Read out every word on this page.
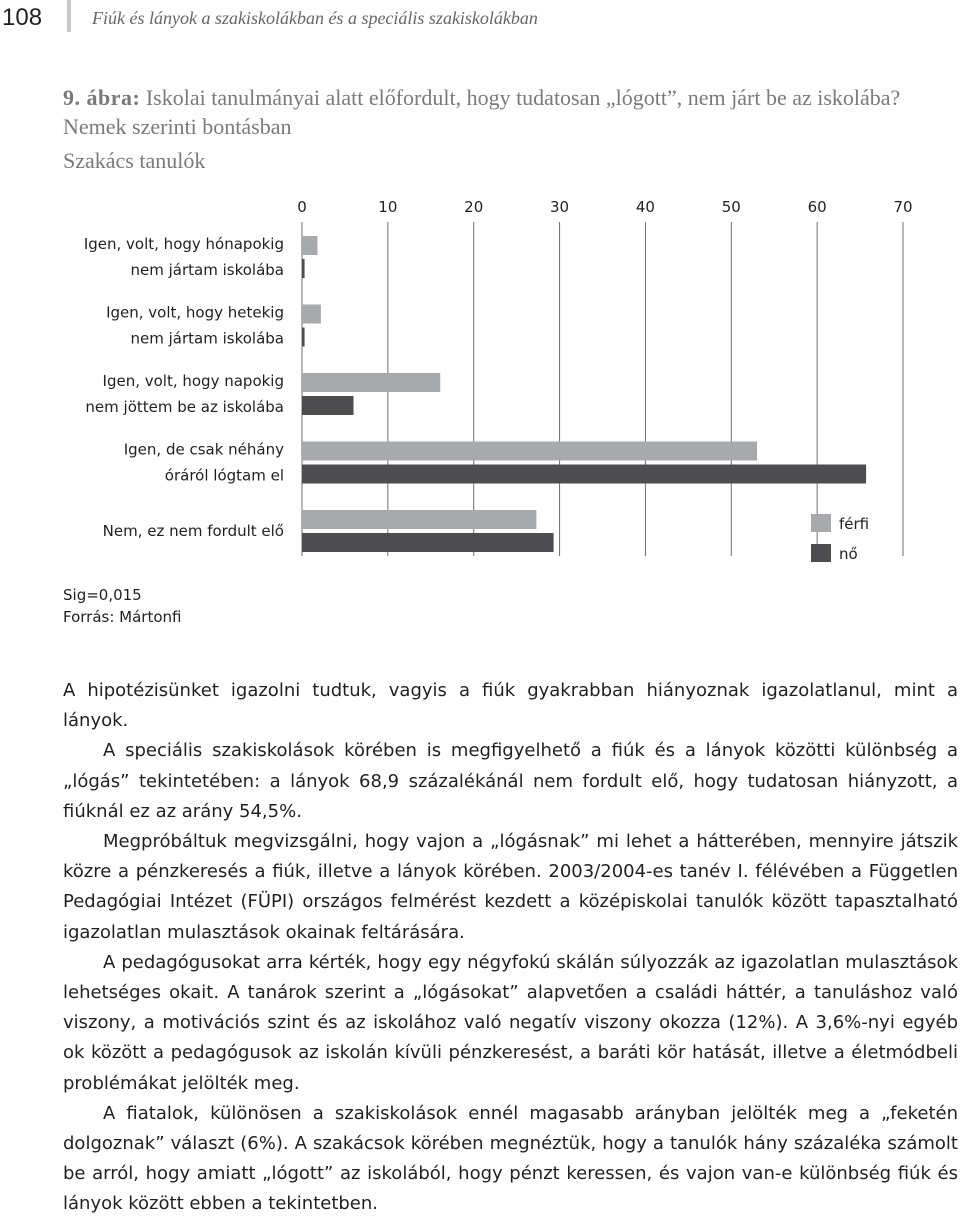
108	Fiúk és lányok a szakiskolákban és a speciális szakiskolákban
9. ábra: Iskolai tanulmányai alatt előfordult, hogy tudatosan „lógott”, nem járt be az iskolába? Nemek szerinti bontásban
Szakács tanulók
0	10	20	30	40	50	60	70
Igen, volt, hogy hónapokig
nem jártam iskolába
Igen, volt, hogy hetekig
nem jártam iskolába
Igen, volt, hogy napokig
nem jöttem be az iskolába
Igen, de csak néhány
óráról lógtam el
Nem, ez nem fordult elő	férfi
nő
Sig=0,015
Forrás: Mártonfi

A hipotézisünket igazolni tudtuk, vagyis a fiúk gyakrabban hiányoznak igazolatlanul, mint a lányok.

A speciális szakiskolások körében is megfigyelhető a fiúk és a lányok közötti különbség a „lógás” tekintetében: a lányok 68,9 százalékánál nem fordult elő, hogy tudatosan hiányzott, a fiúknál ez az arány 54,5%.

Megpróbáltuk megvizsgálni, hogy vajon a „lógásnak” mi lehet a hátterében, mennyire játszik közre a pénzkeresés a fiúk, illetve a lányok körében. 2003/2004-es tanév I. félévében a Független Pedagógiai Intézet (FÜPI) országos felmérést kezdett a középiskolai tanulók között tapasztalható igazolatlan mulasztások okainak feltárására.

A pedagógusokat arra kérték, hogy egy négyfokú skálán súlyozzák az igazolatlan mulasztások lehetséges okait. A tanárok szerint a „lógásokat” alapvetően a családi háttér, a tanuláshoz való viszony, a motivációs szint és az iskolához való negatív viszony okozza (12%). A 3,6%-nyi egyéb ok között a pedagógusok az iskolán kívüli pénzkeresést, a baráti kör hatását, illetve a életmódbeli problémákat jelölték meg.

A fiatalok, különösen a szakiskolások ennél magasabb arányban jelölték meg a „feketén dolgoznak” választ (6%). A szakácsok körében megnéztük, hogy a tanulók hány százaléka számolt be arról, hogy amiatt „lógott” az iskolából, hogy pénzt keressen, és vajon van-e különbség fiúk és lányok között ebben a tekintetben.
